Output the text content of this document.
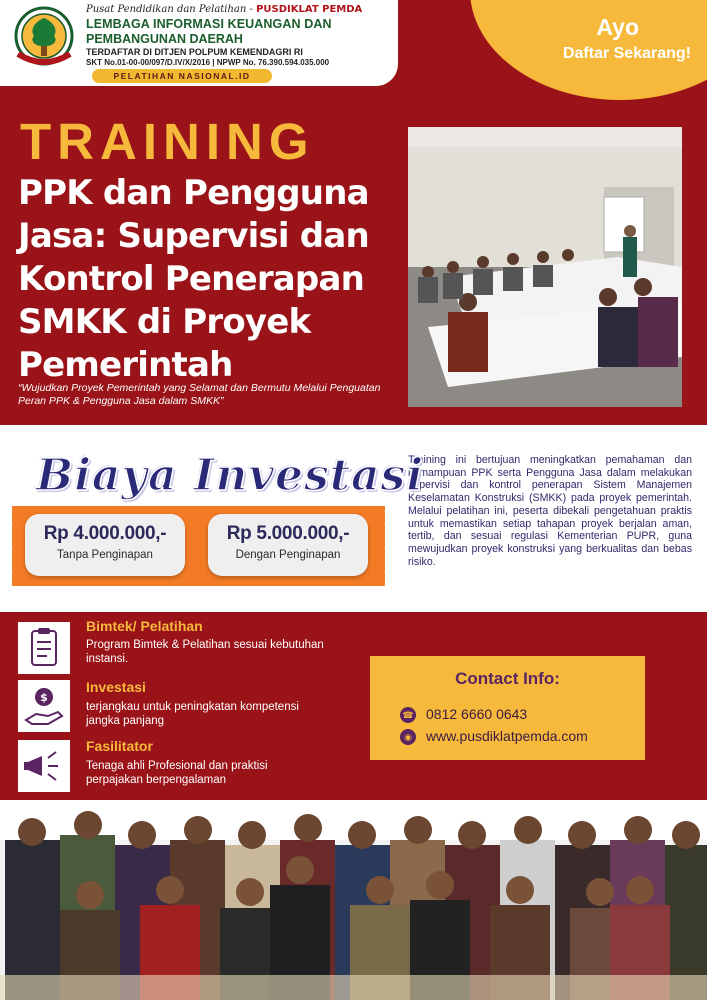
Pusat Pendidikan dan Pelatihan - PUSDIKLAT PEMDA
LEMBAGA INFORMASI KEUANGAN DAN
PEMBANGUNAN DAERAH
TERDAFTAR DI DITJEN POLPUM KEMENDAGRI RI
SKT No.01-00-00/097/D.IV/X/2016 | NPWP No. 76.390.594.035.000
PELATIHAN NASIONAL.ID
Ayo
Daftar Sekarang!
TRAINING
PPK dan Pengguna Jasa: Supervisi dan Kontrol Penerapan SMKK di Proyek Pemerintah
“Wujudkan Proyek Pemerintah yang Selamat dan Bermutu Melalui Penguatan Peran PPK & Pengguna Jasa dalam SMKK”
Biaya Investasi
Rp 4.000.000,-
Tanpa Penginapan
Rp 5.000.000,-
Dengan Penginapan
Training ini bertujuan meningkatkan pemahaman dan kemampuan PPK serta Pengguna Jasa dalam melakukan supervisi dan kontrol penerapan Sistem Manajemen Keselamatan Konstruksi (SMKK) pada proyek pemerintah. Melalui pelatihan ini, peserta dibekali pengetahuan praktis untuk memastikan setiap tahapan proyek berjalan aman, tertib, dan sesuai regulasi Kementerian PUPR, guna mewujudkan proyek konstruksi yang berkualitas dan bebas risiko.
Bimtek/ Pelatihan
Program Bimtek & Pelatihan sesuai kebutuhan instansi.
$
Investasi
terjangkau untuk peningkatan kompetensi jangka panjang
Fasilitator
Tenaga ahli Profesional dan praktisi perpajakan berpengalaman
Contact Info:
☎ 0812 6660 0643
◉ www.pusdiklatpemda.com
